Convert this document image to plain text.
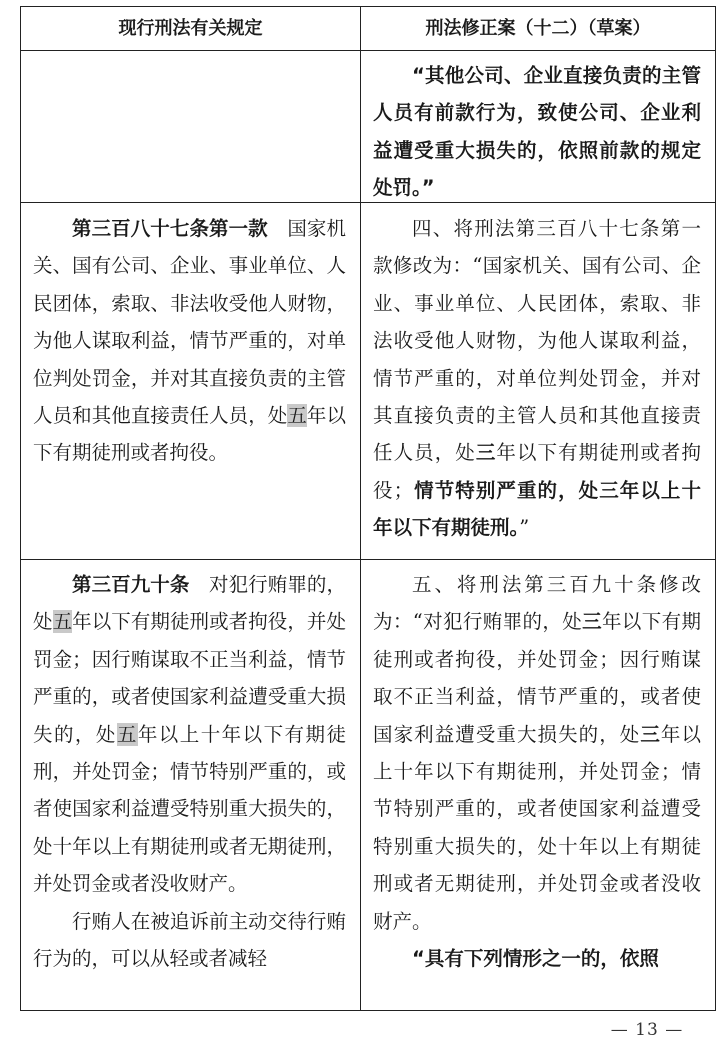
现行刑法有关规定	刑法修正案（十二）（草案）

“其他公司、企业直接负责的主管人员有前款行为，致使公司、企业利益遭受重大损失的，依照前款的规定处罚。”

第三百八十七条第一款　国家机关、国有公司、企业、事业单位、人民团体，索取、非法收受他人财物，为他人谋取利益，情节严重的，对单位判处罚金，并对其直接负责的主管人员和其他直接责任人员，处五年以下有期徒刑或者拘役。

四、将刑法第三百八十七条第一款修改为：“国家机关、国有公司、企业、事业单位、人民团体，索取、非法收受他人财物，为他人谋取利益，情节严重的，对单位判处罚金，并对其直接负责的主管人员和其他直接责任人员，处三年以下有期徒刑或者拘役；情节特别严重的，处三年以上十年以下有期徒刑。”

第三百九十条　对犯行贿罪的，处五年以下有期徒刑或者拘役，并处罚金；因行贿谋取不正当利益，情节严重的，或者使国家利益遭受重大损失的，处五年以上十年以下有期徒刑，并处罚金；情节特别严重的，或者使国家利益遭受特别重大损失的，处十年以上有期徒刑或者无期徒刑，并处罚金或者没收财产。

行贿人在被追诉前主动交待行贿行为的，可以从轻或者减轻

五、将刑法第三百九十条修改为：“对犯行贿罪的，处三年以下有期徒刑或者拘役，并处罚金；因行贿谋取不正当利益，情节严重的，或者使国家利益遭受重大损失的，处三年以上十年以下有期徒刑，并处罚金；情节特别严重的，或者使国家利益遭受特别重大损失的，处十年以上有期徒刑或者无期徒刑，并处罚金或者没收财产。

“具有下列情形之一的，依照

— 13 —
